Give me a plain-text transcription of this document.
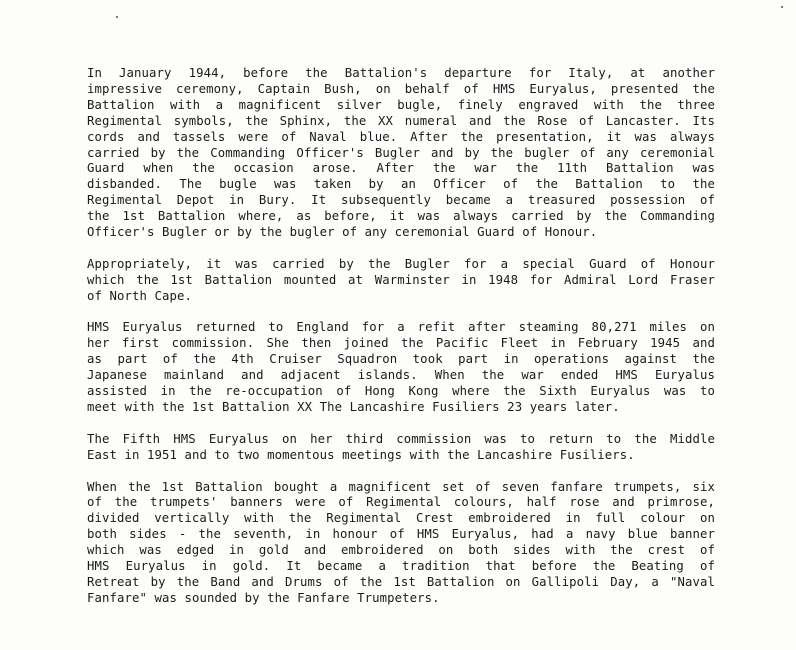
In January 1944, before the Battalion's departure for Italy, at another
impressive ceremony, Captain Bush, on behalf of HMS Euryalus, presented the
Battalion with a magnificent silver bugle, finely engraved with the three
Regimental symbols, the Sphinx, the XX numeral and the Rose of Lancaster. Its
cords and tassels were of Naval blue. After the presentation, it was always
carried by the Commanding Officer's Bugler and by the bugler of any ceremonial
Guard when the occasion arose. After the war the 11th Battalion was
disbanded. The bugle was taken by an Officer of the Battalion to the
Regimental Depot in Bury. It subsequently became a treasured possession of
the 1st Battalion where, as before, it was always carried by the Commanding
Officer's Bugler or by the bugler of any ceremonial Guard of Honour.
Appropriately, it was carried by the Bugler for a special Guard of Honour
which the 1st Battalion mounted at Warminster in 1948 for Admiral Lord Fraser
of North Cape.
HMS Euryalus returned to England for a refit after steaming 80,271 miles on
her first commission. She then joined the Pacific Fleet in February 1945 and
as part of the 4th Cruiser Squadron took part in operations against the
Japanese mainland and adjacent islands. When the war ended HMS Euryalus
assisted in the re-occupation of Hong Kong where the Sixth Euryalus was to
meet with the 1st Battalion XX The Lancashire Fusiliers 23 years later.
The Fifth HMS Euryalus on her third commission was to return to the Middle
East in 1951 and to two momentous meetings with the Lancashire Fusiliers.
When the 1st Battalion bought a magnificent set of seven fanfare trumpets, six
of the trumpets' banners were of Regimental colours, half rose and primrose,
divided vertically with the Regimental Crest embroidered in full colour on
both sides - the seventh, in honour of HMS Euryalus, had a navy blue banner
which was edged in gold and embroidered on both sides with the crest of
HMS Euryalus in gold. It became a tradition that before the Beating of
Retreat by the Band and Drums of the 1st Battalion on Gallipoli Day, a "Naval
Fanfare" was sounded by the Fanfare Trumpeters.
